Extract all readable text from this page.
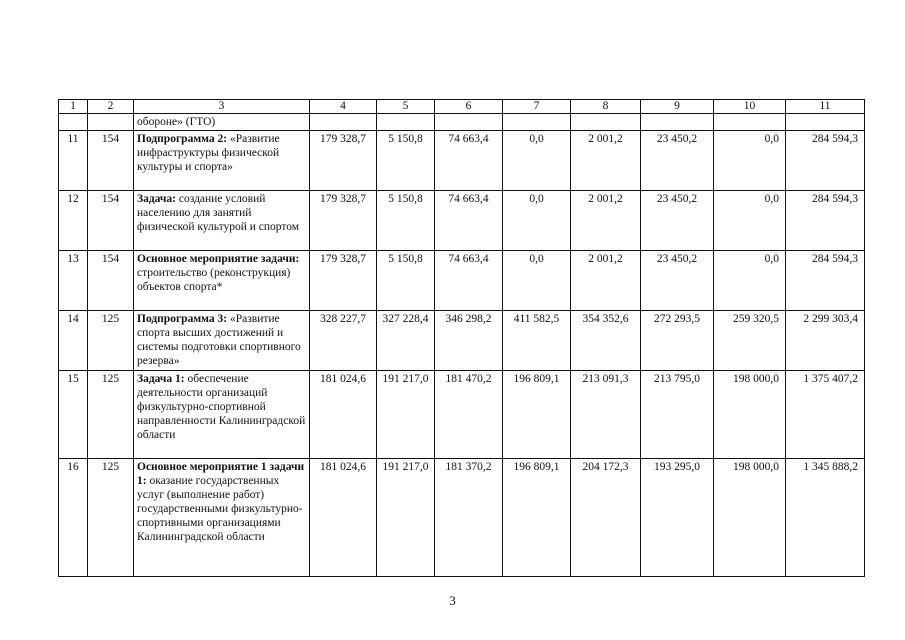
1	2	3	4	5	6	7	8	9	10	11
		обороне» (ГТО)								
11	154	Подпрограмма 2: «Развитие инфраструктуры физической культуры и спорта»	179 328,7	5 150,8	74 663,4	0,0	2 001,2	23 450,2	0,0	284 594,3
12	154	Задача: создание условий населению для занятий физической культурой и спортом	179 328,7	5 150,8	74 663,4	0,0	2 001,2	23 450,2	0,0	284 594,3
13	154	Основное мероприятие задачи: строительство (реконструкция) объектов спорта*	179 328,7	5 150,8	74 663,4	0,0	2 001,2	23 450,2	0,0	284 594,3
14	125	Подпрограмма 3: «Развитие спорта высших достижений и системы подготовки спортивного резерва»	328 227,7	327 228,4	346 298,2	411 582,5	354 352,6	272 293,5	259 320,5	2 299 303,4
15	125	Задача 1: обеспечение деятельности организаций физкультурно-спортивной направленности Калининградской области	181 024,6	191 217,0	181 470,2	196 809,1	213 091,3	213 795,0	198 000,0	1 375 407,2
16	125	Основное мероприятие 1 задачи 1: оказание государственных услуг (выполнение работ) государственными физкультурно-спортивными организациями Калининградской области	181 024,6	191 217,0	181 370,2	196 809,1	204 172,3	193 295,0	198 000,0	1 345 888,2
3
